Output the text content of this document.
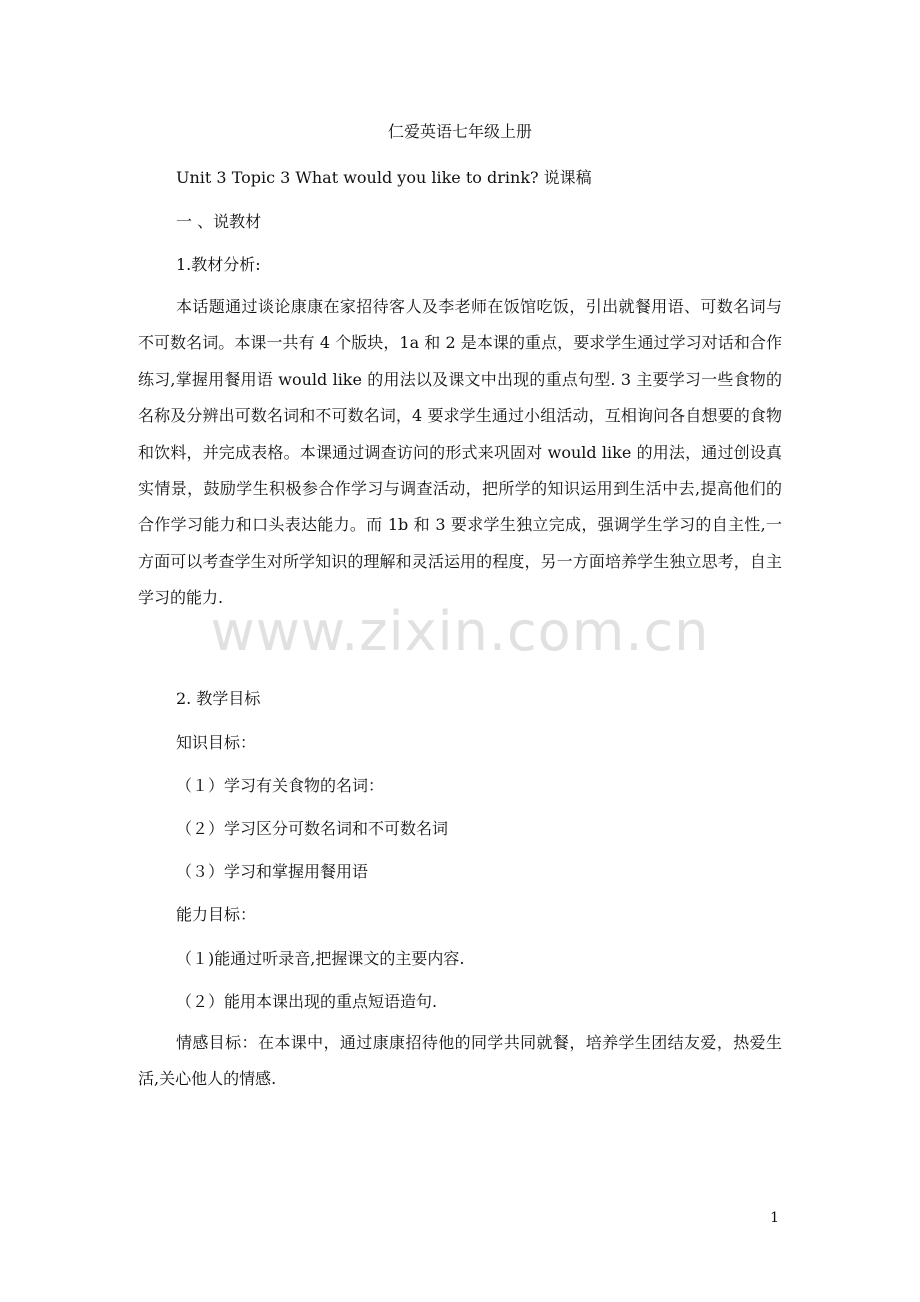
仁爱英语七年级上册
Unit 3 Topic 3 What would you like to drink? 说课稿
一 、说教材
1.教材分析:

本话题通过谈论康康在家招待客人及李老师在饭馆吃饭，引出就餐用语、可数名词与不可数名词。本课一共有 4 个版块，1a 和 2 是本课的重点，要求学生通过学习对话和合作练习,掌握用餐用语 would like 的用法以及课文中出现的重点句型. 3 主要学习一些食物的名称及分辨出可数名词和不可数名词，4 要求学生通过小组活动，互相询问各自想要的食物和饮料，并完成表格。本课通过调查访问的形式来巩固对 would like 的用法，通过创设真实情景，鼓励学生积极参合作学习与调查活动，把所学的知识运用到生活中去,提高他们的合作学习能力和口头表达能力。而 1b 和 3 要求学生独立完成，强调学生学习的自主性,一方面可以考查学生对所学知识的理解和灵活运用的程度，另一方面培养学生独立思考，自主学习的能力.

2. 教学目标
知识目标：
（１）学习有关食物的名词：
（２）学习区分可数名词和不可数名词
（３）学习和掌握用餐用语
能力目标：
（１)能通过听录音,把握课文的主要内容.
（２）能用本课出现的重点短语造句.

情感目标：在本课中，通过康康招待他的同学共同就餐，培养学生团结友爱，热爱生活,关心他人的情感.

www.zixin.com.cn
1
